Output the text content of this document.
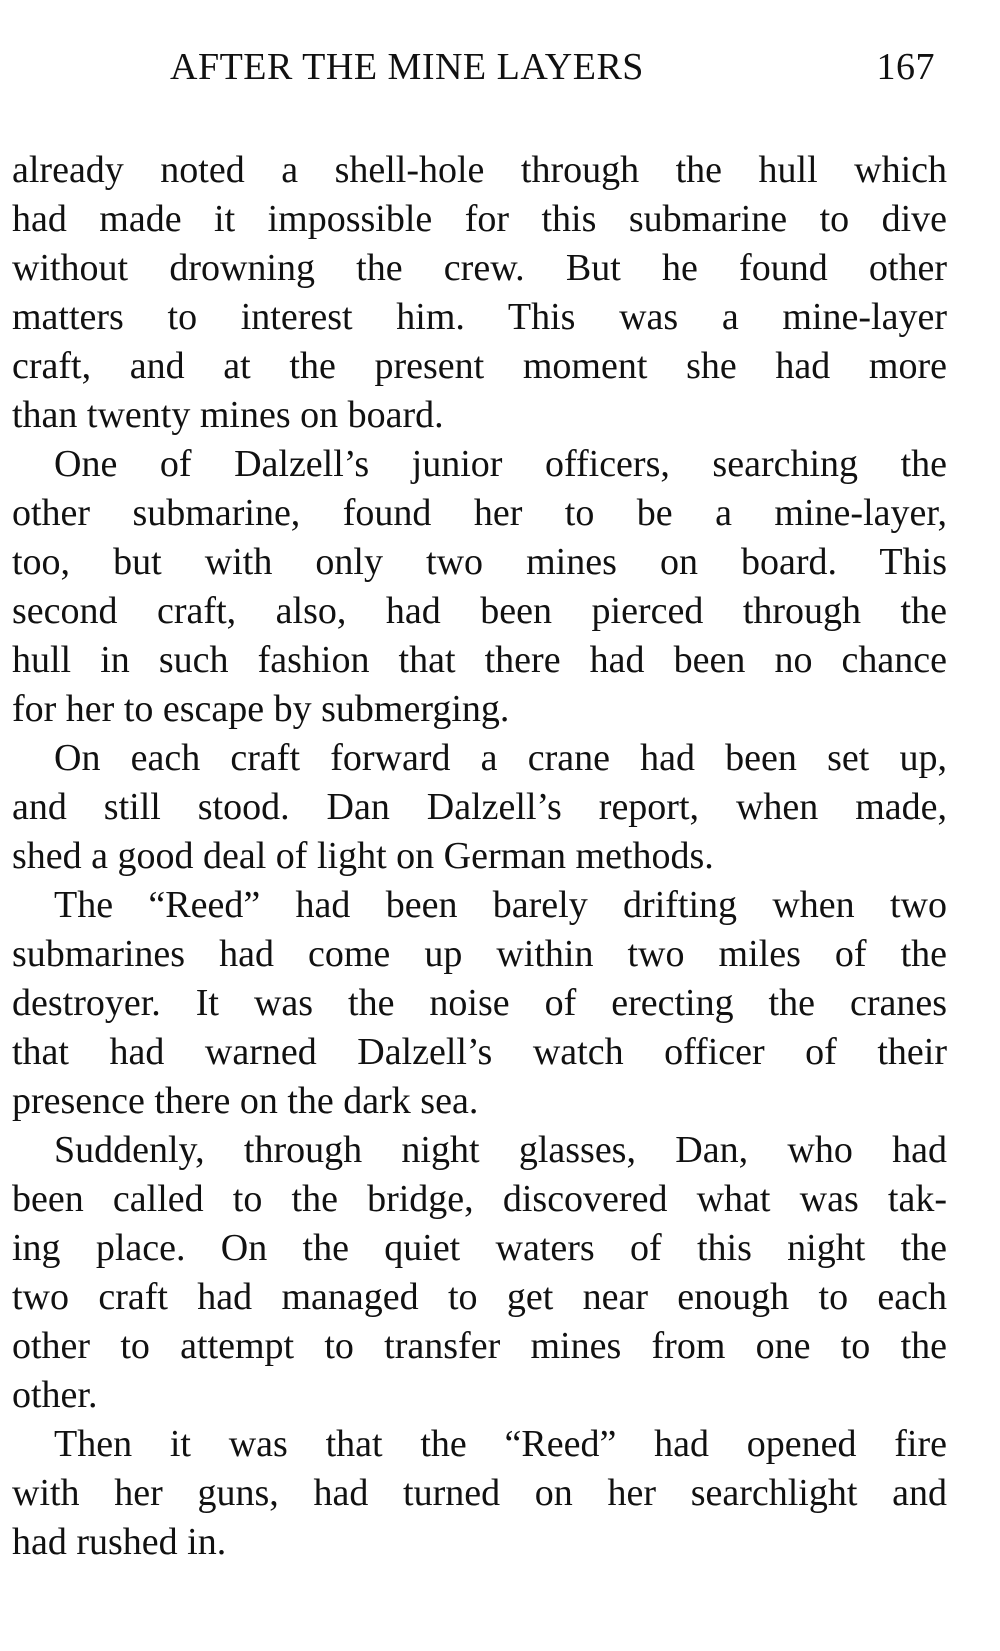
AFTER THE MINE LAYERS	167

already noted a shell-hole through the hull which
had made it impossible for this submarine to dive
without drowning the crew. But he found other
matters to interest him. This was a mine-layer
craft, and at the present moment she had more
than twenty mines on board.

One of Dalzell’s junior officers, searching the
other submarine, found her to be a mine-layer,
too, but with only two mines on board. This
second craft, also, had been pierced through the
hull in such fashion that there had been no chance
for her to escape by submerging.

On each craft forward a crane had been set up,
and still stood. Dan Dalzell’s report, when made,
shed a good deal of light on German methods.

The “Reed” had been barely drifting when two
submarines had come up within two miles of the
destroyer. It was the noise of erecting the cranes
that had warned Dalzell’s watch officer of their
presence there on the dark sea.

Suddenly, through night glasses, Dan, who had
been called to the bridge, discovered what was tak-
ing place. On the quiet waters of this night the
two craft had managed to get near enough to each
other to attempt to transfer mines from one to the
other.

Then it was that the “Reed” had opened fire
with her guns, had turned on her searchlight and
had rushed in.
